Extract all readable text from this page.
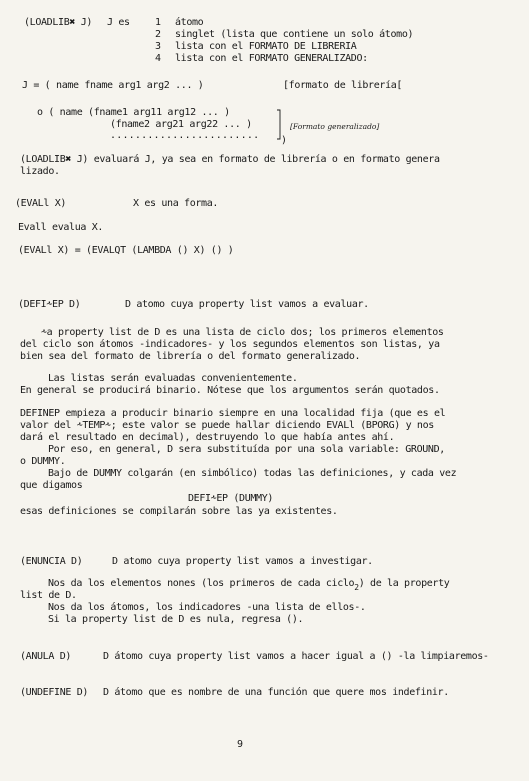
(LOADLIB✖ J) J es	1 átomo
2 singlet (lista que contiene un solo átomo)
3 lista con el FORMATO DE LIBRERIA
4 lista con el FORMATO GENERALIZADO:
J = ( name fname arg1 arg2 ... )	[formato de librería[
o ( name (fname1 arg11 arg12 ... )
(fname2 arg21 arg22 ... )
........................ )
[Formato generalizado]
(LOADLIB✖ J) evaluará J, ya sea en formato de librería o en formato genera
lizado.
(EVALl X)	X es una forma.
Evall evalua X.
(EVALl X) = (EVALQT (LAMBDA () X) () )
(DEFI⩪EP D)	D atomo cuya property list vamos a evaluar.
⩪a property list de D es una lista de ciclo dos; los primeros elementos
del ciclo son átomos -indicadores- y los segundos elementos son listas, ya
bien sea del formato de librería o del formato generalizado.
Las listas serán evaluadas convenientemente.
En general se producirá binario. Nótese que los argumentos serán quotados.
DEFINEP empieza a producir binario siempre en una localidad fija (que es el
valor del ⩪TEMP⩪; este valor se puede hallar diciendo EVALl (BPORG) y nos
dará el resultado en decimal), destruyendo lo que había antes ahí.
Por eso, en general, D sera substituída por una sola variable: GROUND,
o DUMMY.
Bajo de DUMMY colgarán (en simbólico) todas las definiciones, y cada vez
que digamos
DEFI⩪EP (DUMMY)
esas definiciones se compilarán sobre las ya existentes.
(ENUNCIA D)	D atomo cuya property list vamos a investigar.
Nos da los elementos nones (los primeros de cada ciclo$_2$) de la property
list de D.
Nos da los átomos, los indicadores -una lista de ellos-.
Si la property list de D es nula, regresa ().
(ANULA D)	D átomo cuya property list vamos a hacer igual a () -la limpiaremos-
(UNDEFINE D) D átomo que es nombre de una función que quere mos indefinir.
9
